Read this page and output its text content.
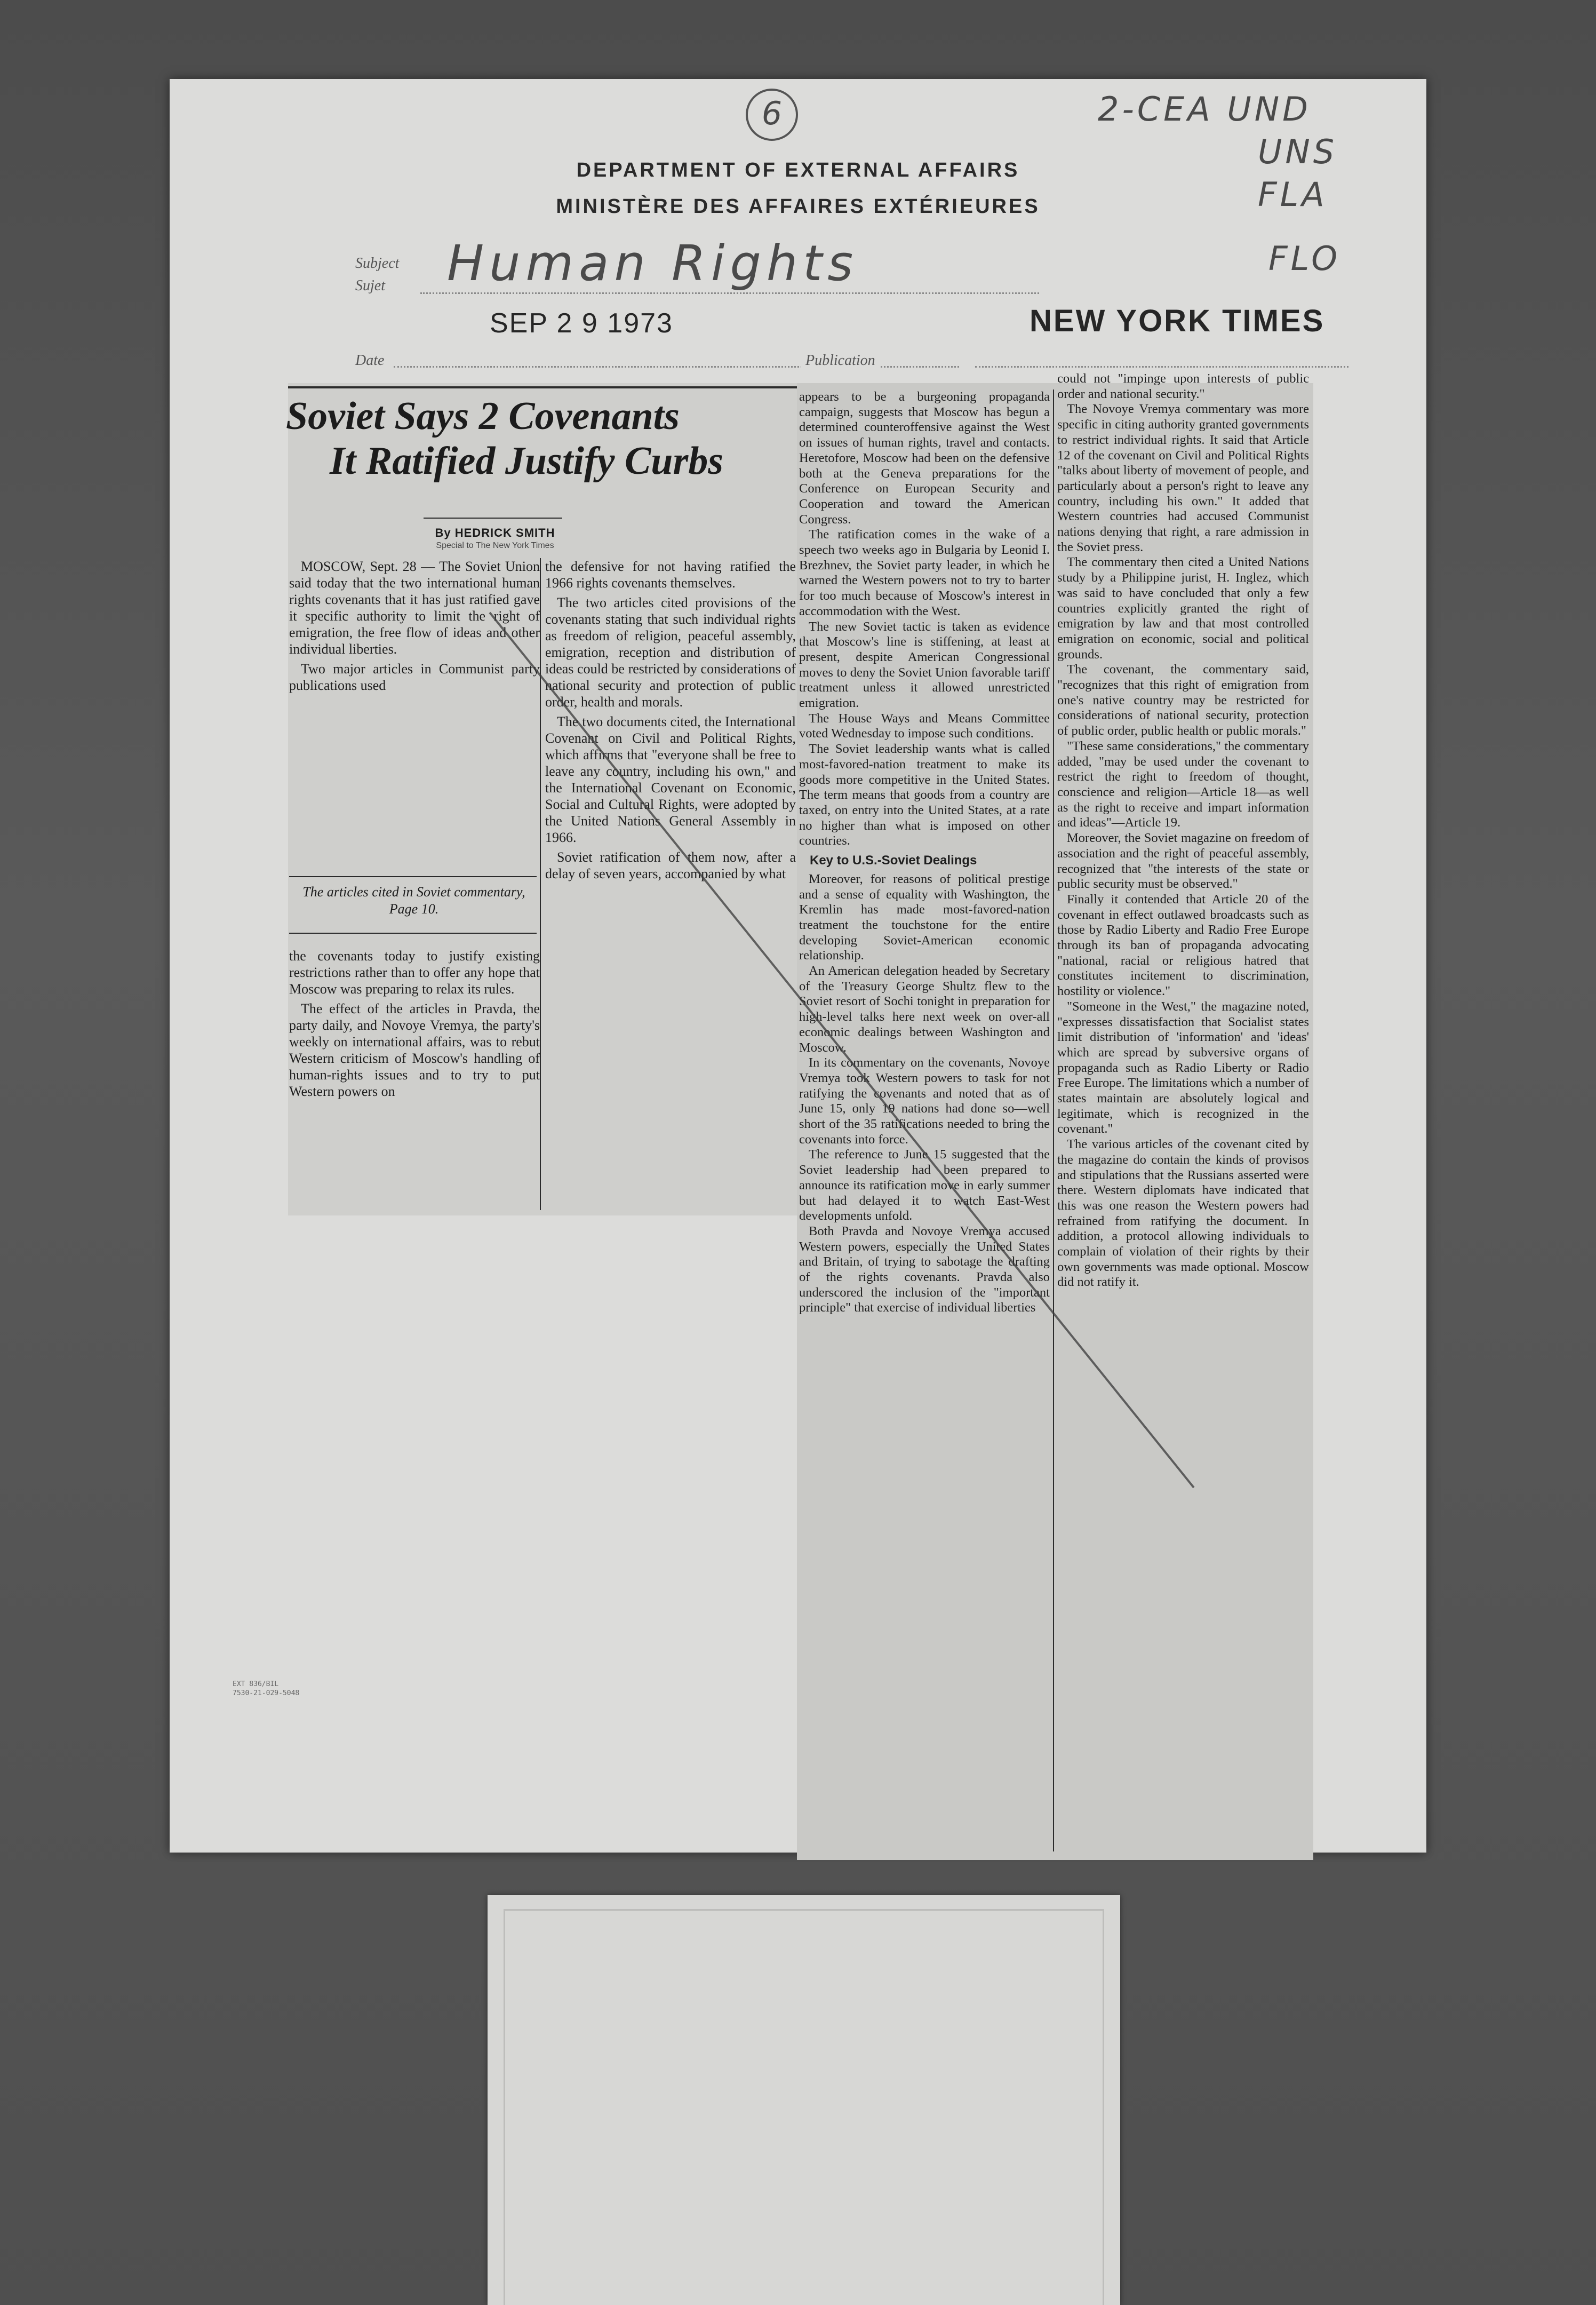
6	2-CEA UND
UNS
FLA
FLO
DEPARTMENT OF EXTERNAL AFFAIRS
MINISTÈRE DES AFFAIRES EXTÉRIEURES
Subject
Sujet Human Rights
SEP 2 9 1973	NEW YORK TIMES
Date	Publication
Soviet Says 2 Covenants
It Ratified Justify Curbs
By HEDRICK SMITH
Special to The New York Times

MOSCOW, Sept. 28 — The Soviet Union said today that the two international human rights covenants that it has just ratified gave it specific authority to limit the right of emigration, the free flow of ideas and other individual liberties.

Two major articles in Communist party publications used

The articles cited in Soviet commentary, Page 10.

the covenants today to justify existing restrictions rather than to offer any hope that Moscow was preparing to relax its rules.

The effect of the articles in Pravda, the party daily, and Novoye Vremya, the party's weekly on international affairs, was to rebut Western criticism of Moscow's handling of human-rights issues and to try to put Western powers on

the defensive for not having ratified the 1966 rights covenants themselves.

The two articles cited provisions of the covenants stating that such individual rights as freedom of religion, peaceful assembly, emigration, reception and distribution of ideas could be restricted by considerations of national security and protection of public order, health and morals.

The two documents cited, the International Covenant on Civil and Political Rights, which affirms that "everyone shall be free to leave any country, including his own," and the International Covenant on Economic, Social and Cultural Rights, were adopted by the United Nations General Assembly in 1966.

Soviet ratification of them now, after a delay of seven years, accompanied by what

appears to be a burgeoning propaganda campaign, suggests that Moscow has begun a determined counteroffensive against the West on issues of human rights, travel and contacts. Heretofore, Moscow had been on the defensive both at the Geneva preparations for the Conference on European Security and Cooperation and toward the American Congress.

The ratification comes in the wake of a speech two weeks ago in Bulgaria by Leonid I. Brezhnev, the Soviet party leader, in which he warned the Western powers not to try to barter for too much because of Moscow's interest in accommodation with the West.

The new Soviet tactic is taken as evidence that Moscow's line is stiffening, at least at present, despite American Congressional moves to deny the Soviet Union favorable tariff treatment unless it allowed unrestricted emigration.

The House Ways and Means Committee voted Wednesday to impose such conditions.

The Soviet leadership wants what is called most-favored-nation treatment to make its goods more competitive in the United States. The term means that goods from a country are taxed, on entry into the United States, at a rate no higher than what is imposed on other countries.

Key to U.S.-Soviet Dealings

Moreover, for reasons of political prestige and a sense of equality with Washington, the Kremlin has made most-favored-nation treatment the touchstone for the entire developing Soviet-American economic relationship.

An American delegation headed by Secretary of the Treasury George Shultz flew to the Soviet resort of Sochi tonight in preparation for high-level talks here next week on over-all economic dealings between Washington and Moscow.

In its commentary on the covenants, Novoye Vremya took Western powers to task for not ratifying the covenants and noted that as of June 15, only 19 nations had done so—well short of the 35 ratifications needed to bring the covenants into force.

The reference to June 15 suggested that the Soviet leadership had been prepared to announce its ratification move in early summer but had delayed it to watch East-West developments unfold.

Both Pravda and Novoye Vremya accused Western powers, especially the United States and Britain, of trying to sabotage the drafting of the rights covenants. Pravda also underscored the inclusion of the "important principle" that exercise of individual liberties

could not "impinge upon interests of public order and national security."

The Novoye Vremya commentary was more specific in citing authority granted governments to restrict individual rights. It said that Article 12 of the covenant on Civil and Political Rights "talks about liberty of movement of people, and particularly about a person's right to leave any country, including his own." It added that Western countries had accused Communist nations denying that right, a rare admission in the Soviet press.

The commentary then cited a United Nations study by a Philippine jurist, H. Inglez, which was said to have concluded that only a few countries explicitly granted the right of emigration by law and that most controlled emigration on economic, social and political grounds.

The covenant, the commentary said, "recognizes that this right of emigration from one's native country may be restricted for considerations of national security, protection of public order, public health or public morals."

"These same considerations," the commentary added, "may be used under the covenant to restrict the right to freedom of thought, conscience and religion—Article 18—as well as the right to receive and impart information and ideas"—Article 19.

Moreover, the Soviet magazine on freedom of association and the right of peaceful assembly, recognized that "the interests of the state or public security must be observed."

Finally it contended that Article 20 of the covenant in effect outlawed broadcasts such as those by Radio Liberty and Radio Free Europe through its ban of propaganda advocating "national, racial or religious hatred that constitutes incitement to discrimination, hostility or violence."

"Someone in the West," the magazine noted, "expresses dissatisfaction that Socialist states limit distribution of 'information' and 'ideas' which are spread by subversive organs of propaganda such as Radio Liberty or Radio Free Europe. The limitations which a number of states maintain are absolutely logical and legitimate, which is recognized in the covenant."

The various articles of the covenant cited by the magazine do contain the kinds of provisos and stipulations that the Russians asserted were there. Western diplomats have indicated that this was one reason the Western powers had refrained from ratifying the document. In addition, a protocol allowing individuals to complain of violation of their rights by their own governments was made optional. Moscow did not ratify it.

EXT 836/BIL
7530-21-029-5048
